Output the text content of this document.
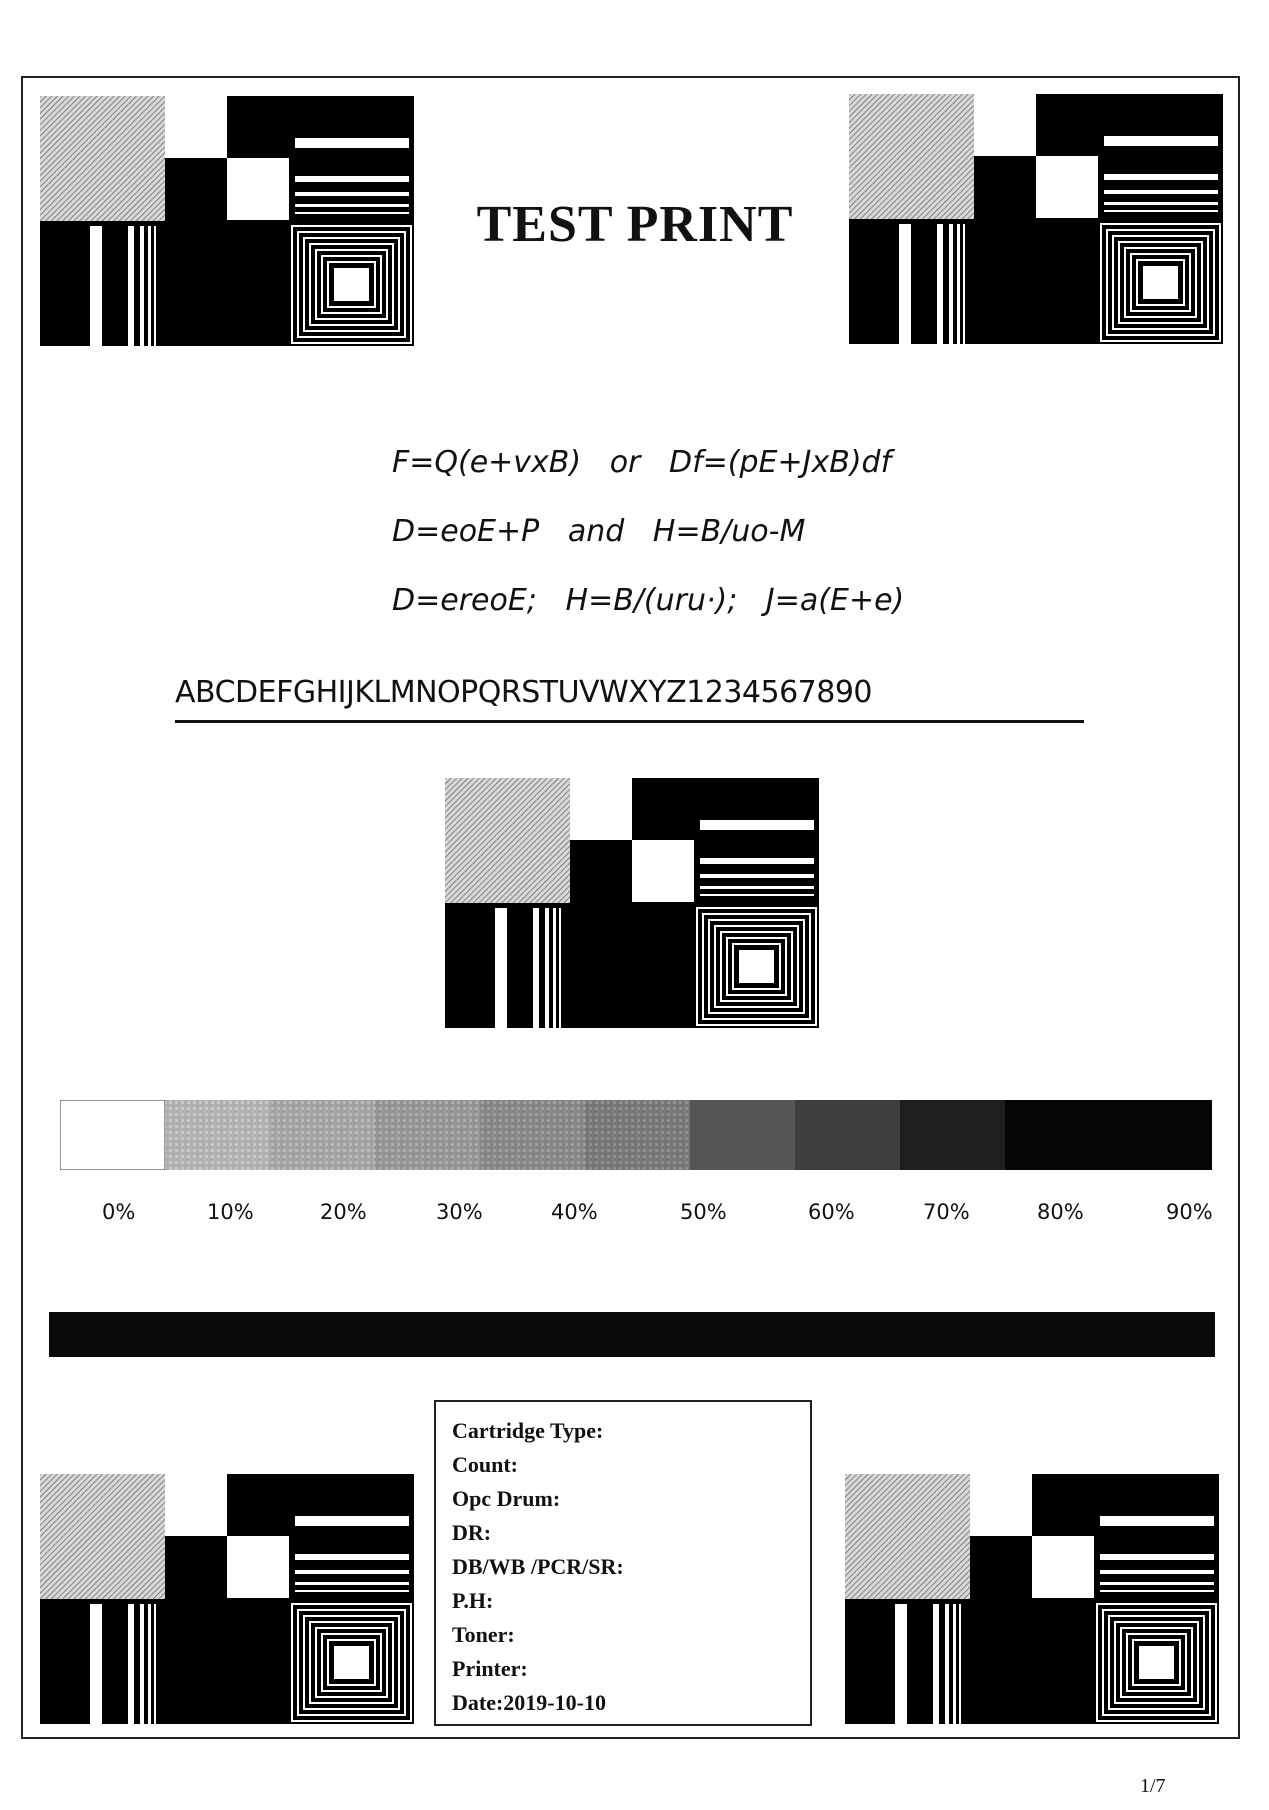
TEST PRINT
F=Q(e+vxB)   or   Df=(pE+JxB)df
D=eoE+P   and   H=B/uo-M
D=ereoE;   H=B/(uru·);   J=a(E+e)
ABCDEFGHIJKLMNOPQRSTUVWXYZ1234567890
0%	10%	20%	30%	40%	50%	60%	70%	80%	90%
Cartridge Type:
Count:
Opc Drum:
DR:
DB/WB /PCR/SR:
P.H:
Toner:
Printer:
Date:2019-10-10
1/7
